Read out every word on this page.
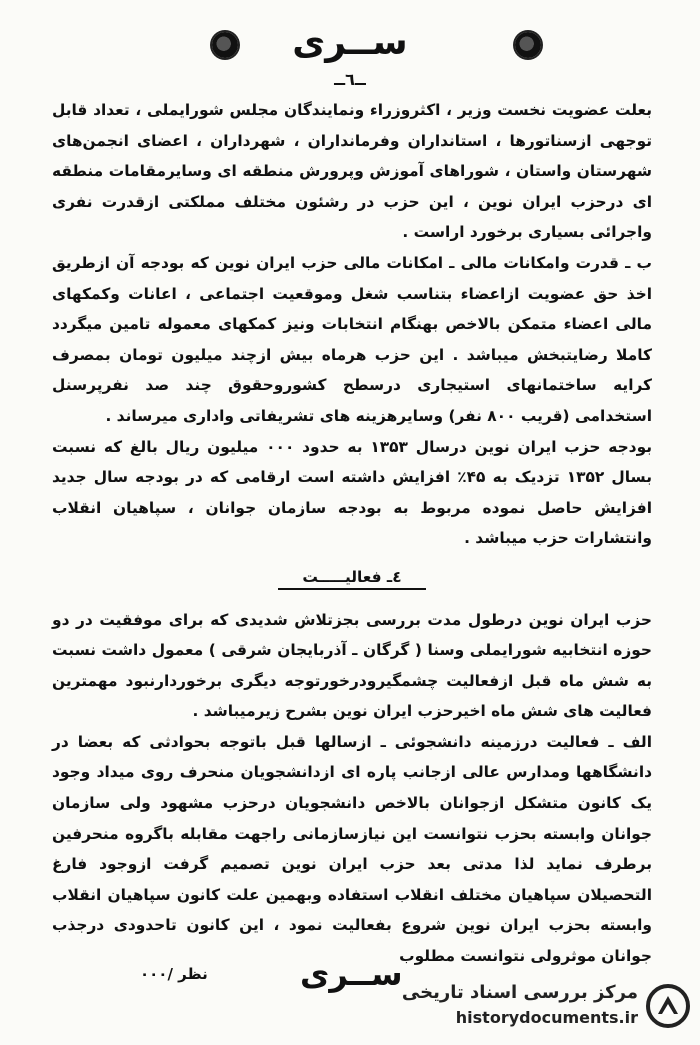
ســرى
ــ٦ــ

بعلت عضویت نخست وزیر ، اکثروزراء ونمایندگان مجلس شورایملی ، تعداد قابل توجهی ازسناتورها ، استانداران وفرمانداران ، شهرداران ، اعضای انجمن‌های شهرستان واستان ، شوراهای آموزش وپرورش منطقه ای وسایرمقامات منطقه ای درحزب ایران نوین ، این حزب در رشئون مختلف مملکتی ازقدرت نفری واجرائی بسیاری برخورد اراست .

ب ـ قدرت وامکانات مالی ـ امکانات مالی حزب ایران نوین که بودجه آن ازطریق اخذ حق عضویت ازاعضاء بتناسب شغل وموقعیت اجتماعی ، اعانات وکمکهای مالی اعضاء متمکن بالاخص بهنگام انتخابات ونیز کمکهای معموله تامین میگردد کاملا رضایتبخش میباشد . این حزب هرماه بیش ازچند میلیون تومان بمصرف کرایه ساختمانهای استیجاری درسطح کشوروحقوق چند صد نفرپرسنل استخدامی (قریب ۸۰۰ نفر) وسایرهزینه های تشریفاتی واداری میرساند .

بودجه حزب ایران نوین درسال ۱۳۵۳ به حدود ۰۰۰ میلیون ریال بالغ که نسبت بسال ۱۳۵۲ تزدیک به ۴۵٪ افزایش داشته است ارقامی که در بودجه سال جدید افزایش حاصل نموده مربوط به بودجه سازمان جوانان ، سپاهیان انقلاب وانتشارات حزب میباشد .

٤ـ فعالیـــــت

حزب ایران نوین درطول مدت بررسی بجزتلاش شدیدی که برای موفقیت در دو حوزه انتخابیه شورایملی وسنا ( گرگان ـ آذربایجان شرقی ) معمول داشت نسبت به شش ماه قبل ازفعالیت چشمگیرودرخورتوجه دیگری برخوردارنبود مهمترین فعالیت های شش ماه اخیرحزب ایران نوین بشرح زیرمیباشد .

الف ـ فعالیت درزمینه دانشجوئی ـ ازسالها قبل باتوجه بحوادثی که بعضا در دانشگاهها ومدارس عالی ازجانب پاره ای ازدانشجویان منحرف روی میداد وجود یک کانون متشکل ازجوانان بالاخص دانشجویان درحزب مشهود ولی سازمان جوانان وابسته بحزب نتوانست این نیازسازمانی راجهت مقابله باگروه منحرفین برطرف نماید لذا مدتی بعد حزب ایران نوین تصمیم گرفت ازوجود فارغ التحصیلان سپاهیان مختلف انقلاب استفاده وبهمین علت کانون سپاهیان انقلاب وابسته بحزب ایران نوین شروع بفعالیت نمود ، این کانون تاحدودی درجذب جوانان موثرولی نتوانست مطلوب

ســرى
نظر /۰۰۰
مرکز بررسی اسناد تاریخی
historydocuments.ir
